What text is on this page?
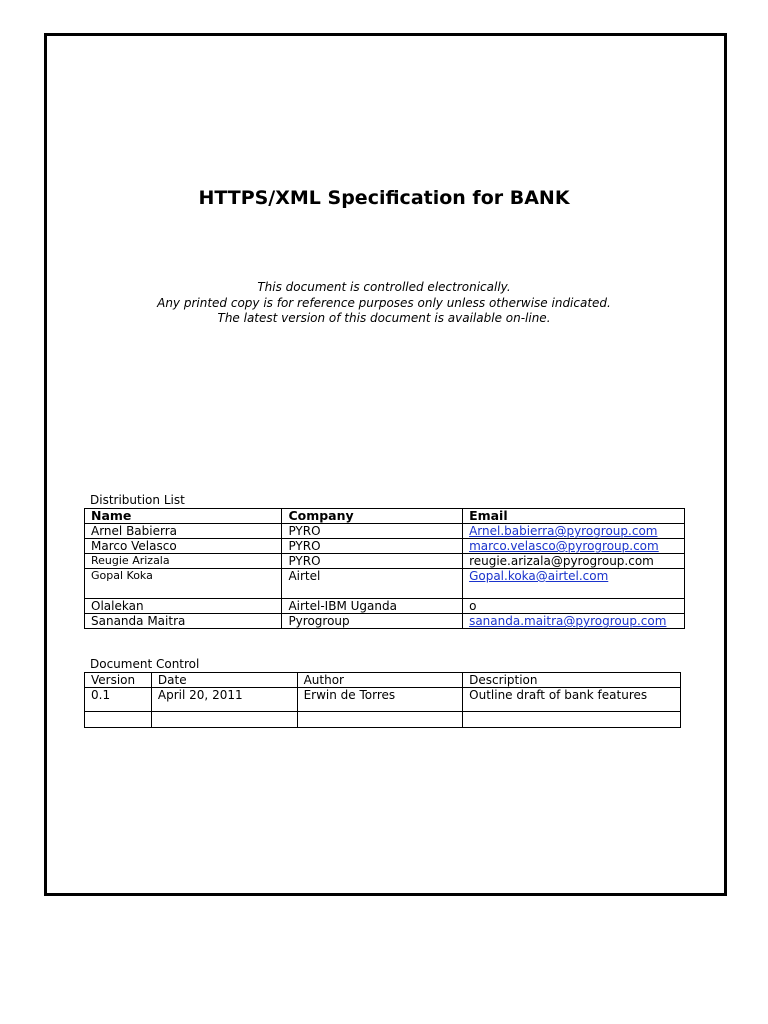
HTTPS/XML Specification for BANK
This document is controlled electronically.
Any printed copy is for reference purposes only unless otherwise indicated.
The latest version of this document is available on-line.
Distribution List
Name	Company	Email
Arnel Babierra	PYRO	Arnel.babierra@pyrogroup.com
Marco Velasco	PYRO	marco.velasco@pyrogroup.com
Reugie Arizala	PYRO	reugie.arizala@pyrogroup.com
Gopal Koka	Airtel	Gopal.koka@airtel.com
Olalekan	Airtel-IBM Uganda	o
Sananda Maitra	Pyrogroup	sananda.maitra@pyrogroup.com
Document Control
Version	Date	Author	Description
0.1	April 20, 2011	Erwin de Torres	Outline draft of bank features
